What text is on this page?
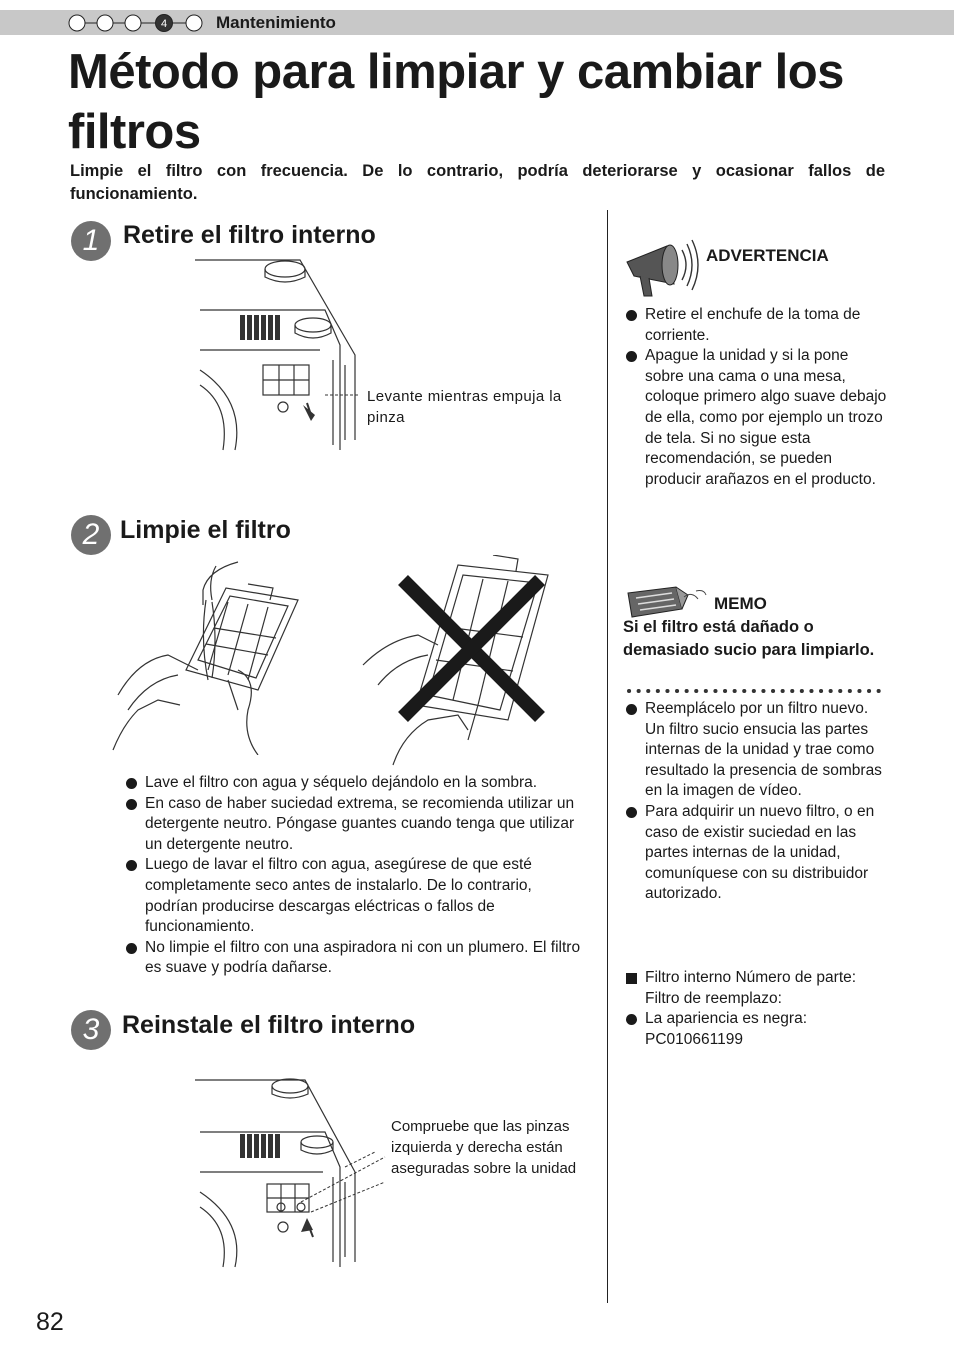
4	Mantenimiento
Método para limpiar y cambiar los filtros

Limpie el filtro con frecuencia. De lo contrario, podría deteriorarse y ocasionar fallos de funcionamiento.

1 Retire el filtro interno

Levante mientras empuja la pinza

2 Limpie el filtro
Lave el filtro con agua y séquelo dejándolo en la sombra.
En caso de haber suciedad extrema, se recomienda utilizar un detergente neutro. Póngase guantes cuando tenga que utilizar un detergente neutro.
Luego de lavar el filtro con agua, asegúrese de que esté completamente seco antes de instalarlo. De lo contrario, podrían producirse descargas eléctricas o fallos de funcionamiento.
No limpie el filtro con una aspiradora ni con un plumero. El filtro es suave y podría dañarse.
3 Reinstale el filtro interno

Compruebe que las pinzas izquierda y derecha están aseguradas sobre la unidad

ADVERTENCIA
Retire el enchufe de la toma de corriente.
Apague la unidad y si la pone sobre una cama o una mesa, coloque primero algo suave debajo de ella, como por ejemplo un trozo de tela. Si no sigue esta recomendación, se pueden producir arañazos en el producto.
MEMO

Si el filtro está dañado o demasiado sucio para limpiarlo.

Reemplácelo por un filtro nuevo. Un filtro sucio ensucia las partes internas de la unidad y trae como resultado la presencia de sombras en la imagen de vídeo.
Para adquirir un nuevo filtro, o en caso de existir suciedad en las partes internas de la unidad, comuníquese con su distribuidor autorizado.
Filtro interno Número de parte: Filtro de reemplazo:
La apariencia es negra: PC010661199
82
